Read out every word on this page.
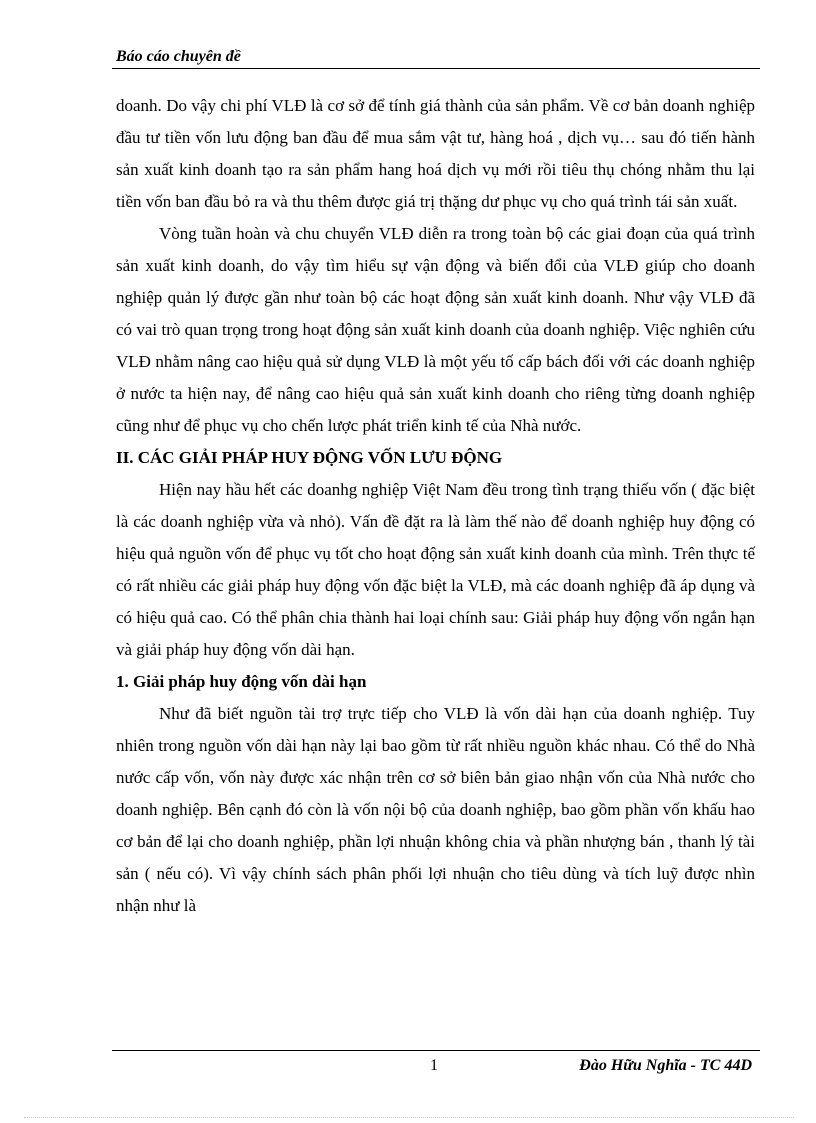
Báo cáo chuyên đề

doanh. Do vậy chi phí VLĐ là cơ sở để tính giá thành của sản phẩm. Về cơ bản doanh nghiệp đầu tư tiền vốn lưu động ban đầu để mua sắm vật tư, hàng hoá , dịch vụ… sau đó tiến hành sản xuất kinh doanh tạo ra sản phẩm hang hoá dịch vụ mới rồi tiêu thụ chóng nhằm thu lại tiền vốn ban đầu bỏ ra và thu thêm được giá trị thặng dư phục vụ cho quá trình tái sản xuất.

Vòng tuần hoàn và chu chuyển VLĐ diễn ra trong toàn bộ các giai đoạn của quá trình sản xuất kinh doanh, do vậy tìm hiểu sự vận động và biến đổi của VLĐ giúp cho doanh nghiệp quản lý được gần như toàn bộ các hoạt động sản xuất kinh doanh. Như vậy VLĐ đã có vai trò quan trọng trong hoạt động sản xuất kinh doanh của doanh nghiệp. Việc nghiên cứu VLĐ nhằm nâng cao hiệu quả sử dụng VLĐ là một yếu tố cấp bách đối với các doanh nghiệp ở nước ta hiện nay, để nâng cao hiệu quả sản xuất kinh doanh cho riêng từng doanh nghiệp cũng như để phục vụ cho chến lược phát triển kinh tế của Nhà nước.

II. CÁC GIẢI PHÁP HUY ĐỘNG VỐN LƯU ĐỘNG

Hiện nay hầu hết các doanhg nghiệp Việt Nam đều trong tình trạng thiếu vốn ( đặc biệt là các doanh nghiệp vừa và nhỏ). Vấn đề đặt ra là làm thế nào để doanh nghiệp huy động có hiệu quả nguồn vốn để phục vụ tốt cho hoạt động sản xuất kinh doanh của mình. Trên thực tế có rất nhiều các giải pháp huy động vốn đặc biệt la VLĐ, mà các doanh nghiệp đã áp dụng và có hiệu quả cao. Có thể phân chia thành hai loại chính sau: Giải pháp huy động vốn ngắn hạn và giải pháp huy động vốn dài hạn.

1. Giải pháp huy động vốn dài hạn

Như đã biết nguồn tài trợ trực tiếp cho VLĐ là vốn dài hạn của doanh nghiệp. Tuy nhiên trong nguồn vốn dài hạn này lại bao gồm từ rất nhiều nguồn khác nhau. Có thể do Nhà nước cấp vốn, vốn này được xác nhận trên cơ sở biên bản giao nhận vốn của Nhà nước cho doanh nghiệp. Bên cạnh đó còn là vốn nội bộ của doanh nghiệp, bao gồm phần vốn khấu hao cơ bản để lại cho doanh nghiệp, phần lợi nhuận không chia và phần nhượng bán , thanh lý tài sản ( nếu có). Vì vậy chính sách phân phối lợi nhuận cho tiêu dùng và tích luỹ được nhìn nhận như là

1	Đào Hữu Nghĩa - TC 44D
